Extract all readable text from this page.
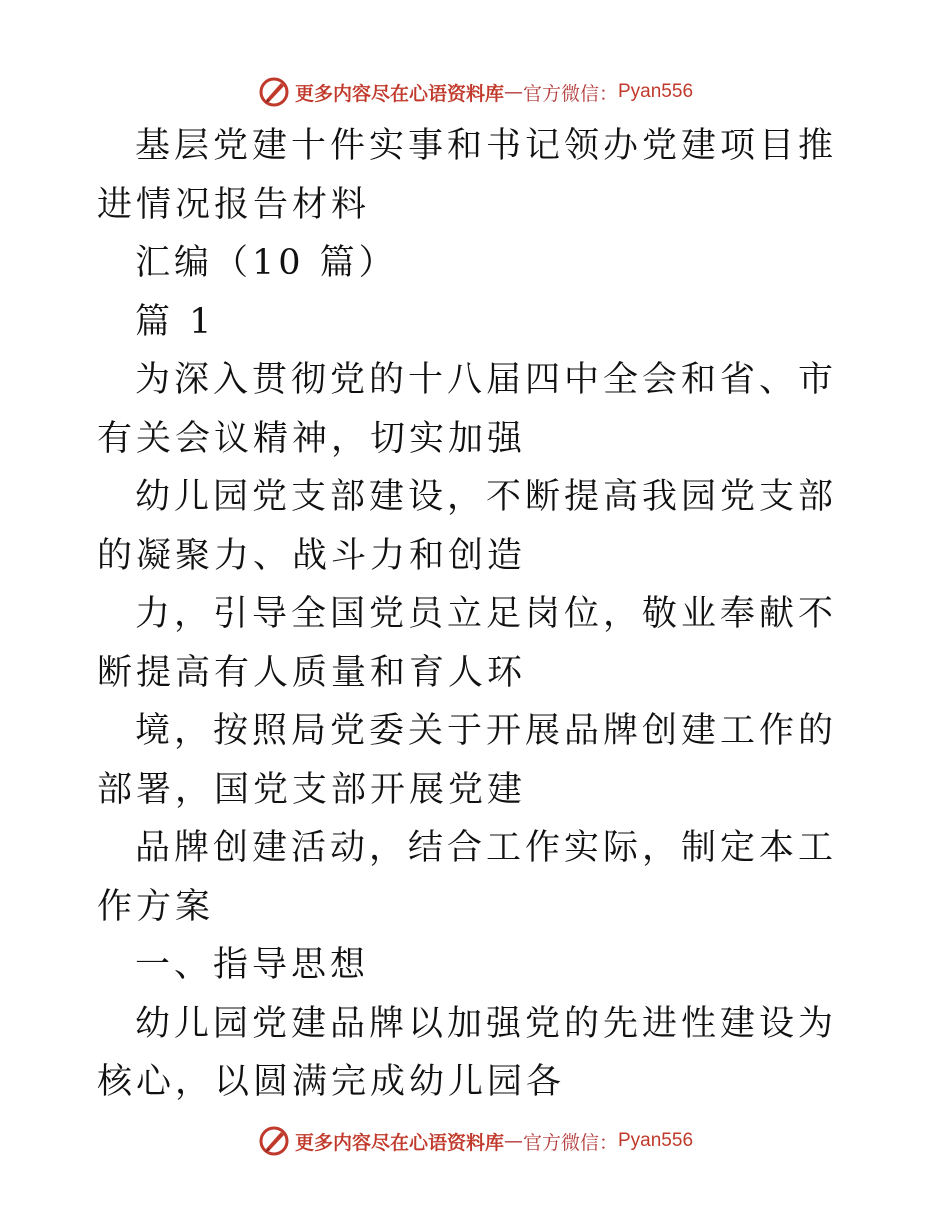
更多内容尽在心语资料库 — 官方微信： Pyan556

基层党建十件实事和书记领办党建项目推进情况报告材料

汇编（10 篇）

篇 1

为深入贯彻党的十八届四中全会和省、市有关会议精神，切实加强

幼儿园党支部建设，不断提高我园党支部的凝聚力、战斗力和创造

力，引导全国党员立足岗位，敬业奉献不断提高有人质量和育人环

境，按照局党委关于开展品牌创建工作的部署，国党支部开展党建

品牌创建活动，结合工作实际，制定本工作方案

一、指导思想

幼儿园党建品牌以加强党的先进性建设为核心，以圆满完成幼儿园各

更多内容尽在心语资料库 — 官方微信： Pyan556
